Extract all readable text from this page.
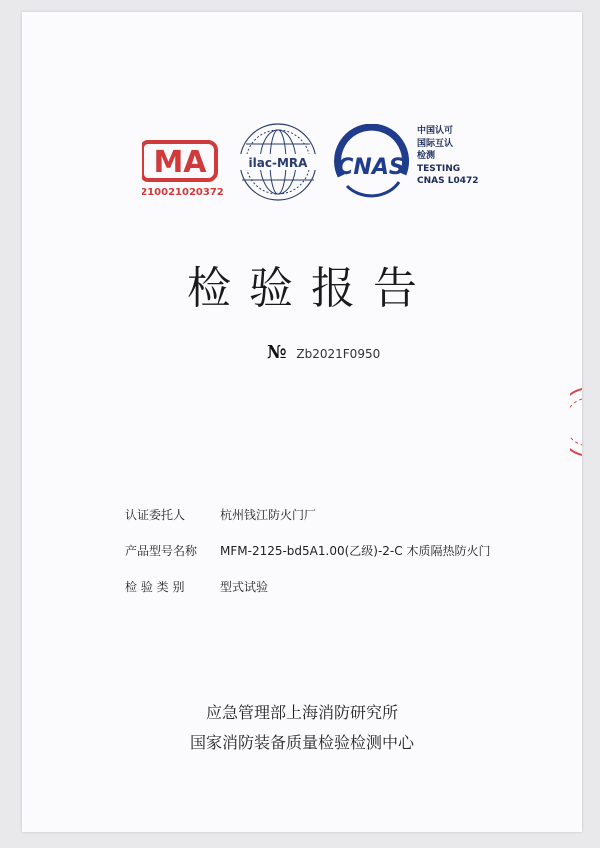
MA
210021020372
ilac-MRA CNAS
中国认可
国际互认
检测
TESTING
CNAS L0472
检验报告
№ Zb2021F0950
认证委托人	杭州钱江防火门厂
产品型号名称	MFM-2125-bd5A1.00(乙级)-2-C 木质隔热防火门
检 验 类 别	型式试验
应急管理部上海消防研究所
国家消防装备质量检验检测中心
